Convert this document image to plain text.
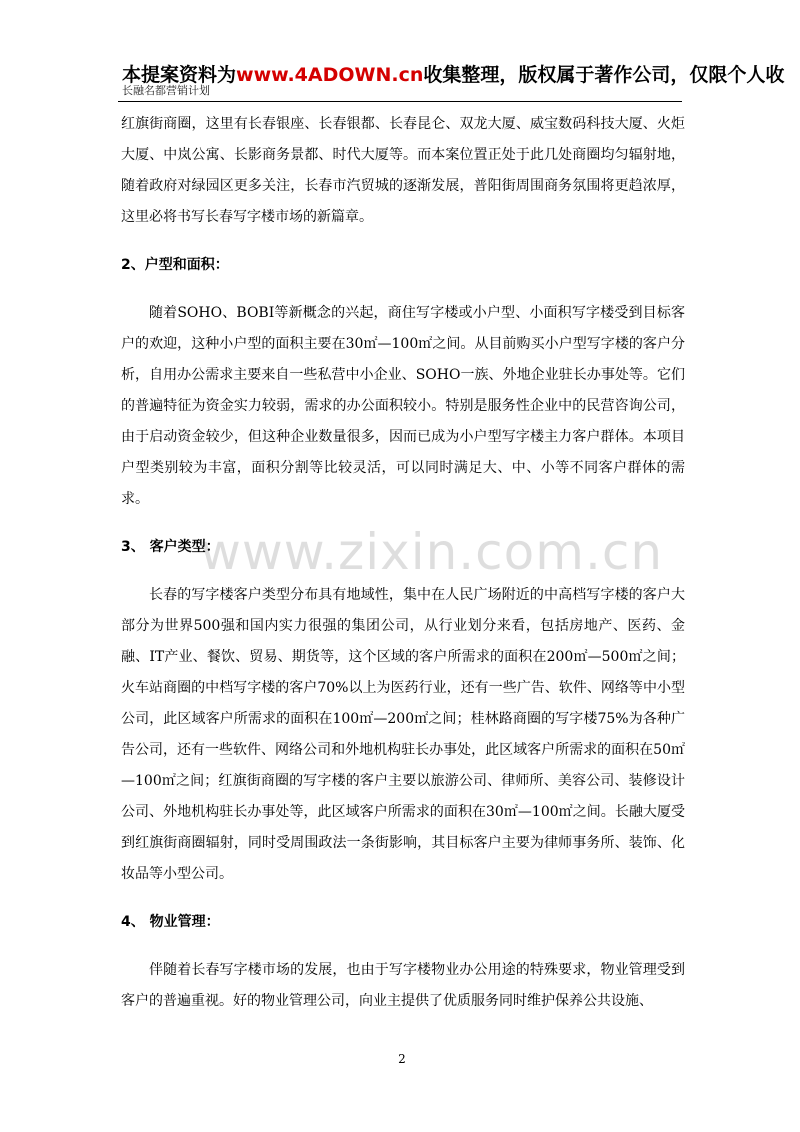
本提案资料为www.4ADOWN.cn收集整理，版权属于著作公司，仅限个人收
长融名都营销计划
www.zixin.com.cn

红旗街商圈，这里有长春银座、长春银都、长春昆仑、双龙大厦、威宝数码科技大厦、火炬大厦、中岚公寓、长影商务景都、时代大厦等。而本案位置正处于此几处商圈均匀辐射地，随着政府对绿园区更多关注，长春市汽贸城的逐渐发展，普阳街周围商务氛围将更趋浓厚，这里必将书写长春写字楼市场的新篇章。

2、户型和面积：

随着SOHO、BOBI等新概念的兴起，商住写字楼或小户型、小面积写字楼受到目标客户的欢迎，这种小户型的面积主要在30㎡—100㎡之间。从目前购买小户型写字楼的客户分析，自用办公需求主要来自一些私营中小企业、SOHO一族、外地企业驻长办事处等。它们的普遍特征为资金实力较弱，需求的办公面积较小。特别是服务性企业中的民营咨询公司，由于启动资金较少，但这种企业数量很多，因而已成为小户型写字楼主力客户群体。本项目户型类别较为丰富，面积分割等比较灵活，可以同时满足大、中、小等不同客户群体的需求。

3、 客户类型：

长春的写字楼客户类型分布具有地域性，集中在人民广场附近的中高档写字楼的客户大部分为世界500强和国内实力很强的集团公司，从行业划分来看，包括房地产、医药、金融、IT产业、餐饮、贸易、期货等，这个区域的客户所需求的面积在200㎡—500㎡之间；火车站商圈的中档写字楼的客户70%以上为医药行业，还有一些广告、软件、网络等中小型公司，此区域客户所需求的面积在100㎡—200㎡之间；桂林路商圈的写字楼75%为各种广告公司，还有一些软件、网络公司和外地机构驻长办事处，此区域客户所需求的面积在50㎡—100㎡之间；红旗街商圈的写字楼的客户主要以旅游公司、律师所、美容公司、装修设计公司、外地机构驻长办事处等，此区域客户所需求的面积在30㎡—100㎡之间。长融大厦受到红旗街商圈辐射，同时受周围政法一条街影响，其目标客户主要为律师事务所、装饰、化妆品等小型公司。

4、 物业管理：

伴随着长春写字楼市场的发展，也由于写字楼物业办公用途的特殊要求，物业管理受到客户的普遍重视。好的物业管理公司，向业主提供了优质服务同时维护保养公共设施、

2
